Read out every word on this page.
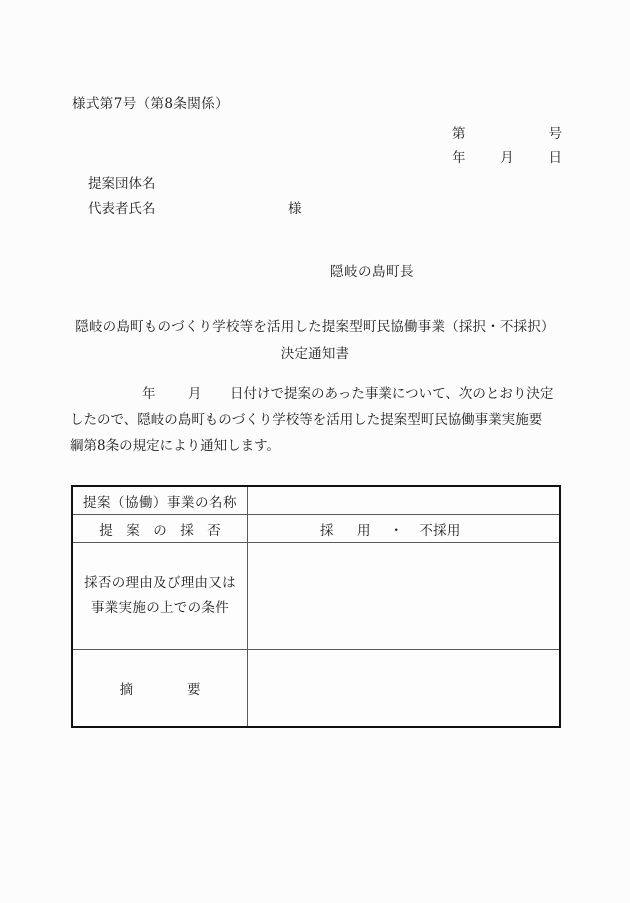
様式第7号（第8条関係）
第	号
年	月	日
提案団体名
代表者氏名	様
隠岐の島町長
隠岐の島町ものづくり学校等を活用した提案型町民協働事業（採択・不採択）
決定通知書
年 月 日付けで提案のあった事業について、次のとおり決定
したので、隠岐の島町ものづくり学校等を活用した提案型町民協働事業実施要
綱第8条の規定により通知します。
提案（協働）事業の名称	
提　案　の　採　否	採　用 ・ 不採用

採否の理由及び理由又は
事業実施の上での条件	

摘　　　　要	
